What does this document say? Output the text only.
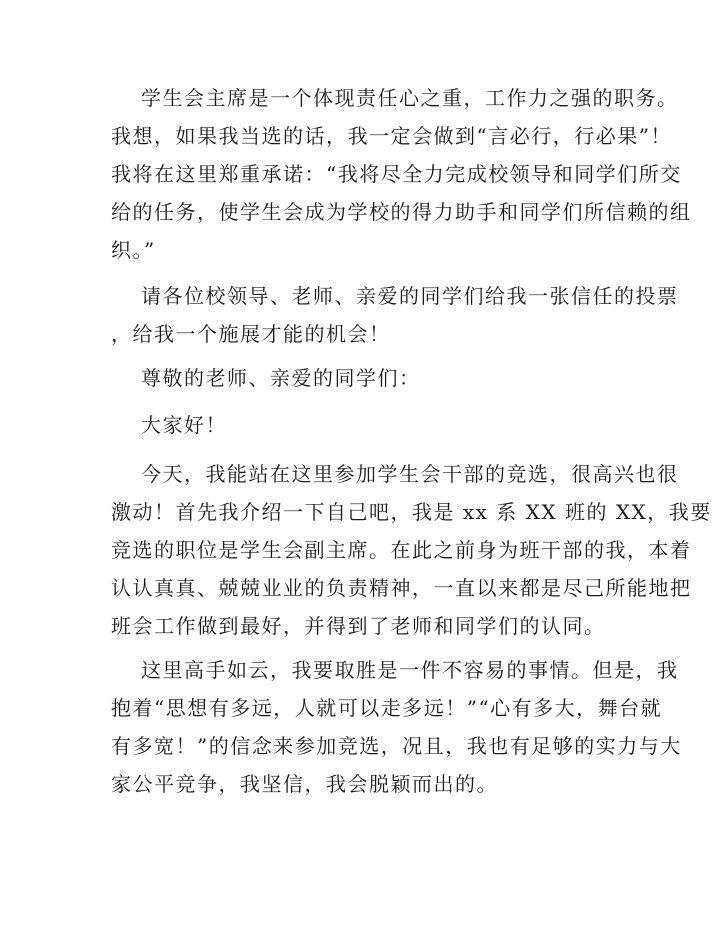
学生会主席是一个体现责任心之重，工作力之强的职务。
我想，如果我当选的话，我一定会做到“言必行，行必果”！
我将在这里郑重承诺：“我将尽全力完成校领导和同学们所交
给的任务，使学生会成为学校的得力助手和同学们所信赖的组
织。”

请各位校领导、老师、亲爱的同学们给我一张信任的投票
，给我一个施展才能的机会！

尊敬的老师、亲爱的同学们：

大家好！

今天，我能站在这里参加学生会干部的竞选，很高兴也很
激动！首先我介绍一下自己吧，我是 xx 系 XX 班的 XX，我要
竞选的职位是学生会副主席。在此之前身为班干部的我，本着
认认真真、兢兢业业的负责精神，一直以来都是尽己所能地把
班会工作做到最好，并得到了老师和同学们的认同。

这里高手如云，我要取胜是一件不容易的事情。但是，我
抱着“思想有多远，人就可以走多远！”“心有多大，舞台就
有多宽！”的信念来参加竞选，况且，我也有足够的实力与大
家公平竞争，我坚信，我会脱颖而出的。
